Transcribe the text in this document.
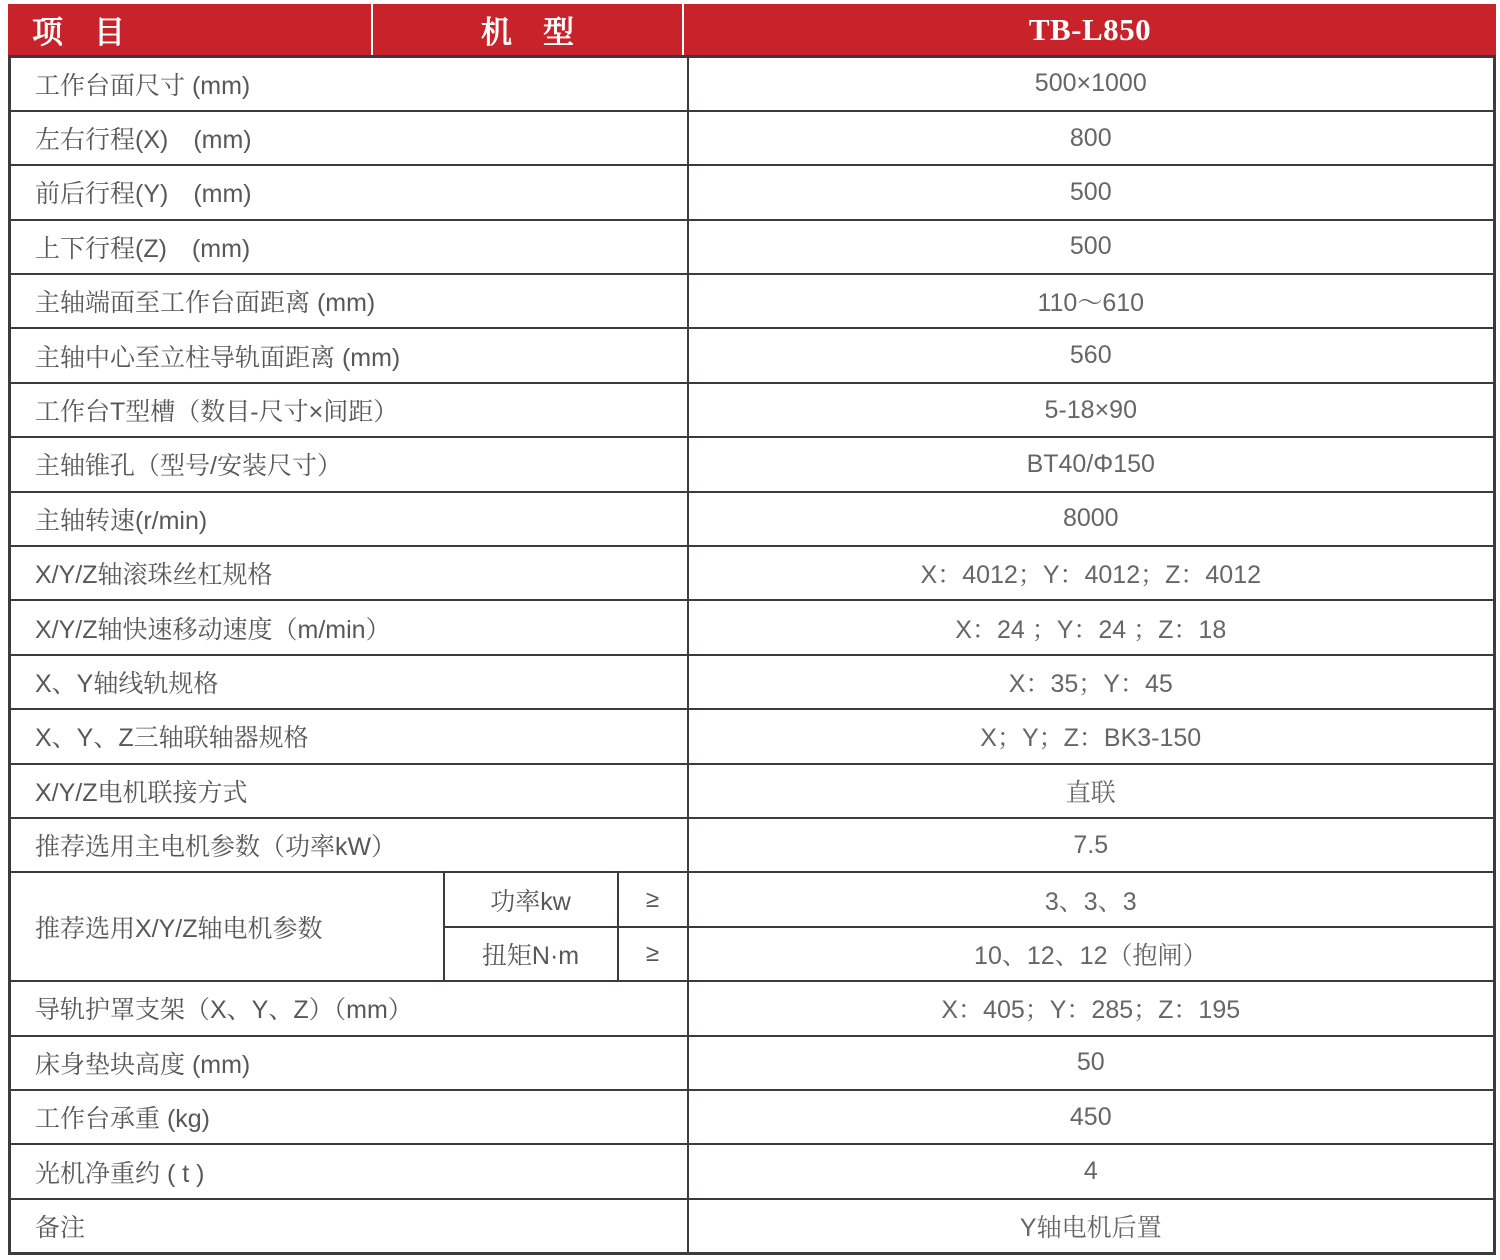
项　目	机　型	TB-L850
工作台面尺寸 (mm)			500×1000
左右行程(X)　(mm)			800
前后行程(Y)　(mm)			500
上下行程(Z)　(mm)			500
主轴端面至工作台面距离 (mm)			110～610
主轴中心至立柱导轨面距离 (mm)			560
工作台T型槽（数目-尺寸×间距）			5-18×90
主轴锥孔（型号/安装尺寸）			BT40/Φ150
主轴转速(r/min)			8000
X/Y/Z轴滚珠丝杠规格			X：4012；Y：4012；Z：4012
X/Y/Z轴快速移动速度（m/min）			X：24 ；Y：24 ；Z：18
X、Y轴线轨规格			X：35；Y：45
X、Y、Z三轴联轴器规格			X；Y；Z：BK3-150
X/Y/Z电机联接方式			直联
推荐选用主电机参数（功率kW）			7.5
推荐选用X/Y/Z轴电机参数	功率kw	≥	3、3、3
	扭矩N·m	≥	10、12、12（抱闸）
导轨护罩支架（X、Y、Z）（mm）			X：405；Y：285；Z：195
床身垫块高度 (mm)			50
工作台承重 (kg)			450
光机净重约 ( t )			4
备注			Y轴电机后置
